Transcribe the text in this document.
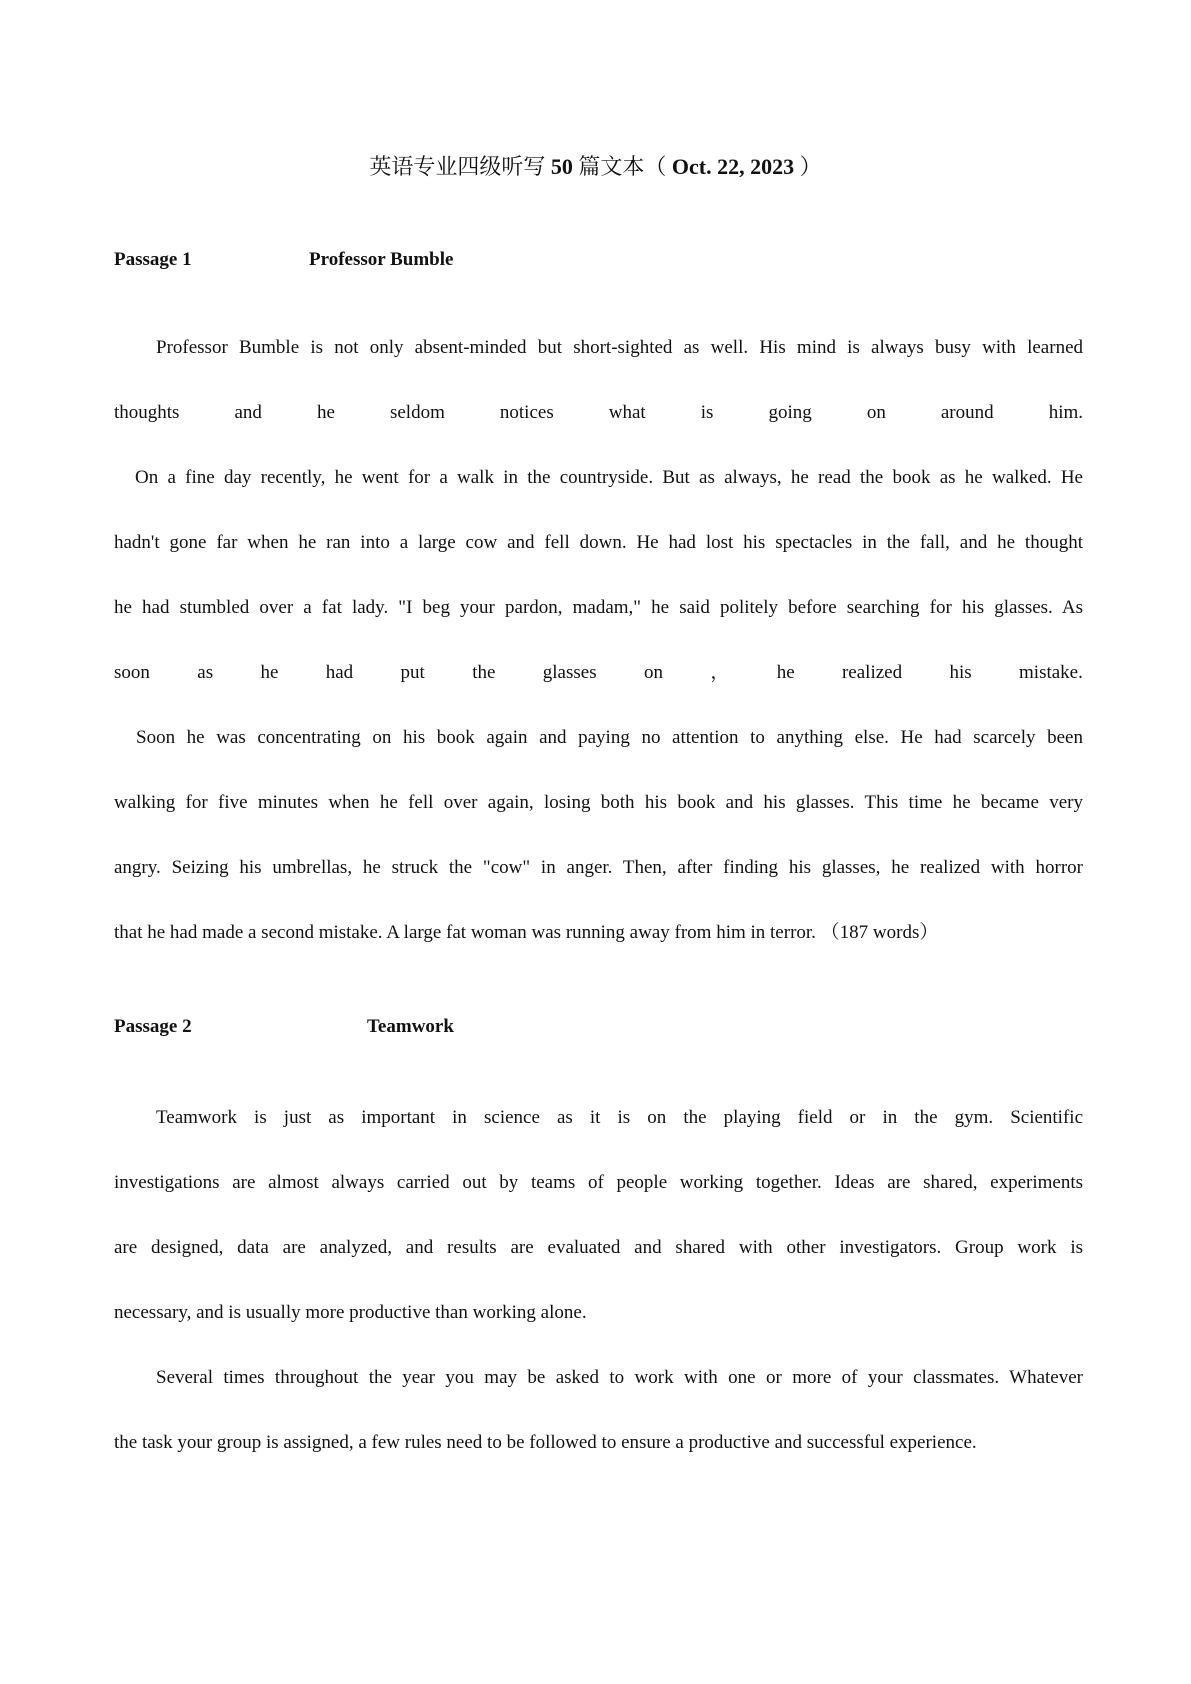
英语专业四级听写 50 篇文本（ Oct. 22, 2023 ）
Passage 1	Professor Bumble
Professor Bumble is not only absent-minded but short-sighted as well. His mind is always busy with learned
thoughts	and	he	seldom	notices	what	is	going	on	around	him.
On a fine day recently, he went for a walk in the countryside. But as always, he read the book as he walked. He
hadn't gone far when he ran into a large cow and fell down. He had lost his spectacles in the fall, and he thought
he had stumbled over a fat lady. "I beg your pardon, madam," he said politely before searching for his glasses. As
soon as he had put the glasses on ， he realized his mistake.
Soon he was concentrating on his book again and paying no attention to anything else. He had scarcely been
walking for five minutes when he fell over again, losing both his book and his glasses. This time he became very
angry. Seizing his umbrellas, he struck the "cow" in anger. Then, after finding his glasses, he realized with horror
that he had made a second mistake. A large fat woman was running away from him in terror. （187 words）
Passage 2	Teamwork
Teamwork is just as important in science as it is on the playing field or in the gym. Scientific
investigations are almost always carried out by teams of people working together. Ideas are shared, experiments
are designed, data are analyzed, and results are evaluated and shared with other investigators. Group work is
necessary, and is usually more productive than working alone.
Several times throughout the year you may be asked to work with one or more of your classmates. Whatever
the task your group is assigned, a few rules need to be followed to ensure a productive and successful experience.
